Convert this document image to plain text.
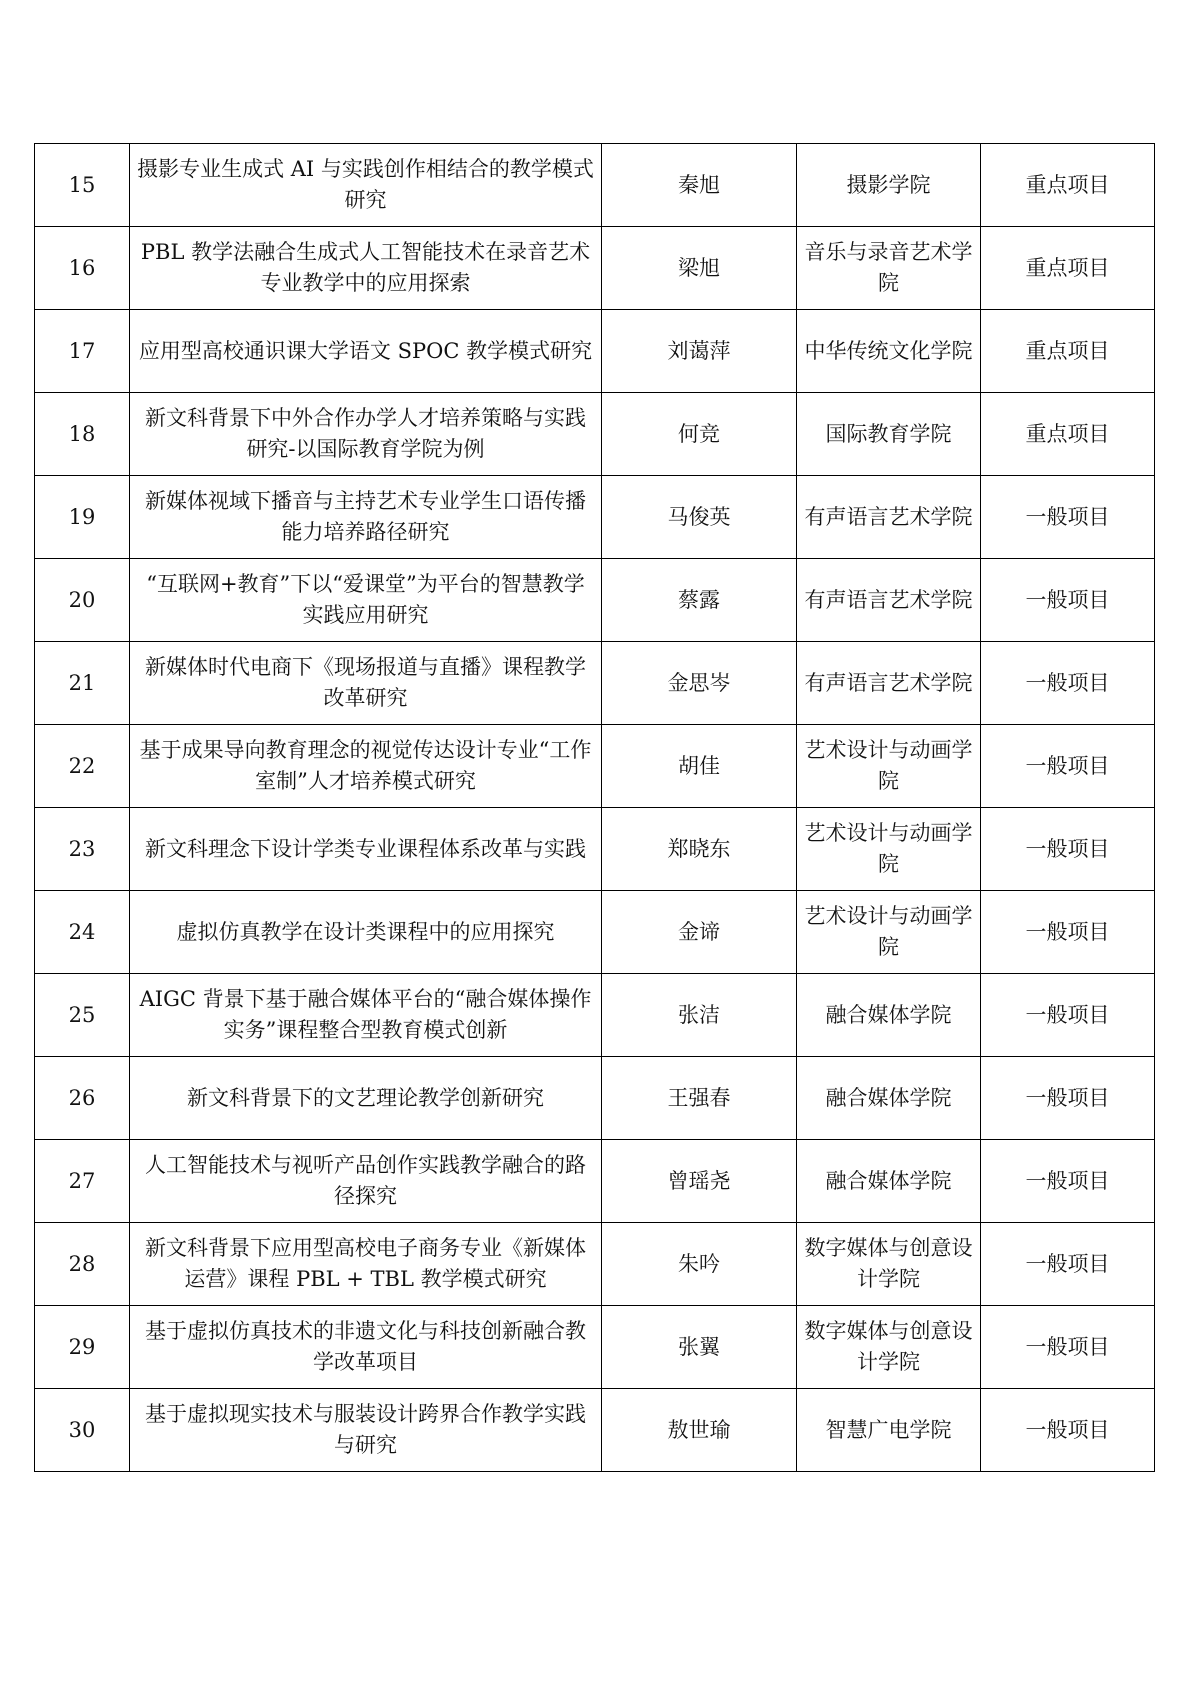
15	摄影专业生成式 AI 与实践创作相结合的教学模式研究	秦旭	摄影学院	重点项目
16	PBL 教学法融合生成式人工智能技术在录音艺术专业教学中的应用探索	梁旭	音乐与录音艺术学院	重点项目
17	应用型高校通识课大学语文 SPOC 教学模式研究	刘蔼萍	中华传统文化学院	重点项目
18	新文科背景下中外合作办学人才培养策略与实践研究-以国际教育学院为例	何竞	国际教育学院	重点项目
19	新媒体视域下播音与主持艺术专业学生口语传播能力培养路径研究	马俊英	有声语言艺术学院	一般项目
20	“互联网+教育”下以“爱课堂”为平台的智慧教学实践应用研究	蔡露	有声语言艺术学院	一般项目
21	新媒体时代电商下《现场报道与直播》课程教学改革研究	金思岑	有声语言艺术学院	一般项目
22	基于成果导向教育理念的视觉传达设计专业“工作室制”人才培养模式研究	胡佳	艺术设计与动画学院	一般项目
23	新文科理念下设计学类专业课程体系改革与实践	郑晓东	艺术设计与动画学院	一般项目
24	虚拟仿真教学在设计类课程中的应用探究	金谛	艺术设计与动画学院	一般项目
25	AIGC 背景下基于融合媒体平台的“融合媒体操作实务”课程整合型教育模式创新	张洁	融合媒体学院	一般项目
26	新文科背景下的文艺理论教学创新研究	王强春	融合媒体学院	一般项目
27	人工智能技术与视听产品创作实践教学融合的路径探究	曾瑶尧	融合媒体学院	一般项目
28	新文科背景下应用型高校电子商务专业《新媒体运营》课程 PBL + TBL 教学模式研究	朱吟	数字媒体与创意设计学院	一般项目
29	基于虚拟仿真技术的非遗文化与科技创新融合教学改革项目	张翼	数字媒体与创意设计学院	一般项目
30	基于虚拟现实技术与服装设计跨界合作教学实践与研究	敖世瑜	智慧广电学院	一般项目
